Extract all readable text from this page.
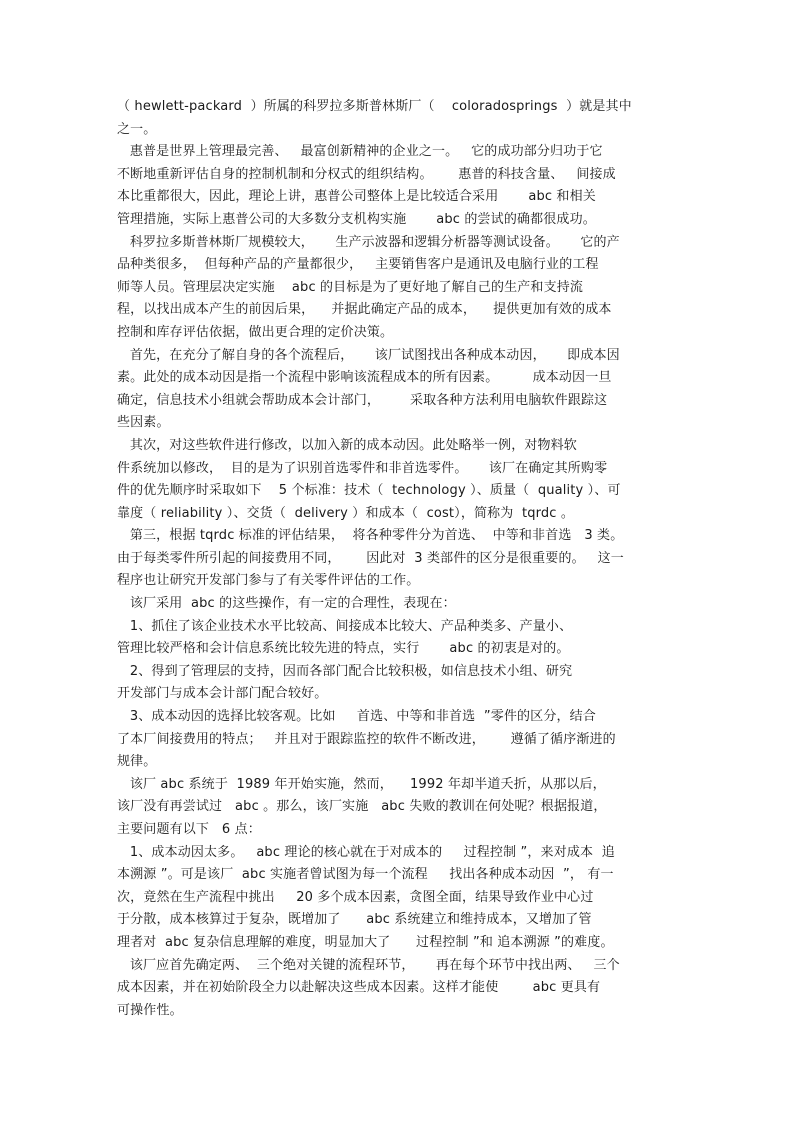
（ hewlett-packard  ）所属的科罗拉多斯普林斯厂（    coloradosprings  ）就是其中
之一。
惠普是世界上管理最完善、   最富创新精神的企业之一。   它的成功部分归功于它
不断地重新评估自身的控制机制和分权式的组织结构。      惠普的科技含量、   间接成
本比重都很大，因此，理论上讲，惠普公司整体上是比较适合采用       abc 和相关
管理措施，实际上惠普公司的大多数分支机构实施       abc 的尝试的确都很成功。
科罗拉多斯普林斯厂规模较大，     生产示波器和逻辑分析器等测试设备。     它的产
品种类很多，  但每种产品的产量都很少，   主要销售客户是通讯及电脑行业的工程
师等人员。管理层决定实施    abc 的目标是为了更好地了解自己的生产和支持流
程，以找出成本产生的前因后果，    并据此确定产品的成本，    提供更加有效的成本
控制和库存评估依据，做出更合理的定价决策。
首先，在充分了解自身的各个流程后，     该厂试图找出各种成本动因，     即成本因
素。此处的成本动因是指一个流程中影响该流程成本的所有因素。        成本动因一旦
确定，信息技术小组就会帮助成本会计部门，       采取各种方法利用电脑软件跟踪这
些因素。
其次，对这些软件进行修改，以加入新的成本动因。此处略举一例，对物料软
件系统加以修改，  目的是为了识别首选零件和非首选零件。     该厂在确定其所购零
件的优先顺序时采取如下    5 个标准：技术（  technology ）、质量（  quality ）、可
靠度（ reliability ）、交货（  delivery ）和成本（  cost），简称为  tqrdc 。
第三，根据 tqrdc 标准的评估结果，  将各种零件分为首选、  中等和非首选   3 类。
由于每类零件所引起的间接费用不同，      因此对  3 类部件的区分是很重要的。   这一
程序也让研究开发部门参与了有关零件评估的工作。
该厂采用  abc 的这些操作，有一定的合理性，表现在：
1、抓住了该企业技术水平比较高、间接成本比较大、产品种类多、产量小、
管理比较严格和会计信息系统比较先进的特点，实行       abc 的初衷是对的。
2、得到了管理层的支持，因而各部门配合比较积极，如信息技术小组、研究
开发部门与成本会计部门配合较好。
3、成本动因的选择比较客观。比如     首选、中等和非首选  ”零件的区分，结合
了本厂间接费用的特点；   并且对于跟踪监控的软件不断改进，      遵循了循序渐进的
规律。
该厂 abc 系统于  1989 年开始实施，然而，    1992 年却半道夭折，从那以后，
该厂没有再尝试过   abc 。那么，该厂实施   abc 失败的教训在何处呢？根据报道，
主要问题有以下   6 点：
1、成本动因太多。   abc 理论的核心就在于对成本的     过程控制 ”，来对成本  追
本溯源 ”。可是该厂  abc 实施者曾试图为每一个流程     找出各种成本动因  ”， 有一
次，竟然在生产流程中挑出     20 多个成本因素，贪图全面，结果导致作业中心过
于分散，成本核算过于复杂，既增加了      abc 系统建立和维持成本，又增加了管
理者对  abc 复杂信息理解的难度，明显加大了      过程控制 ”和 追本溯源 ”的难度。
该厂应首先确定两、  三个绝对关键的流程环节，     再在每个环节中找出两、   三个
成本因素，并在初始阶段全力以赴解决这些成本因素。这样才能使        abc 更具有
可操作性。
